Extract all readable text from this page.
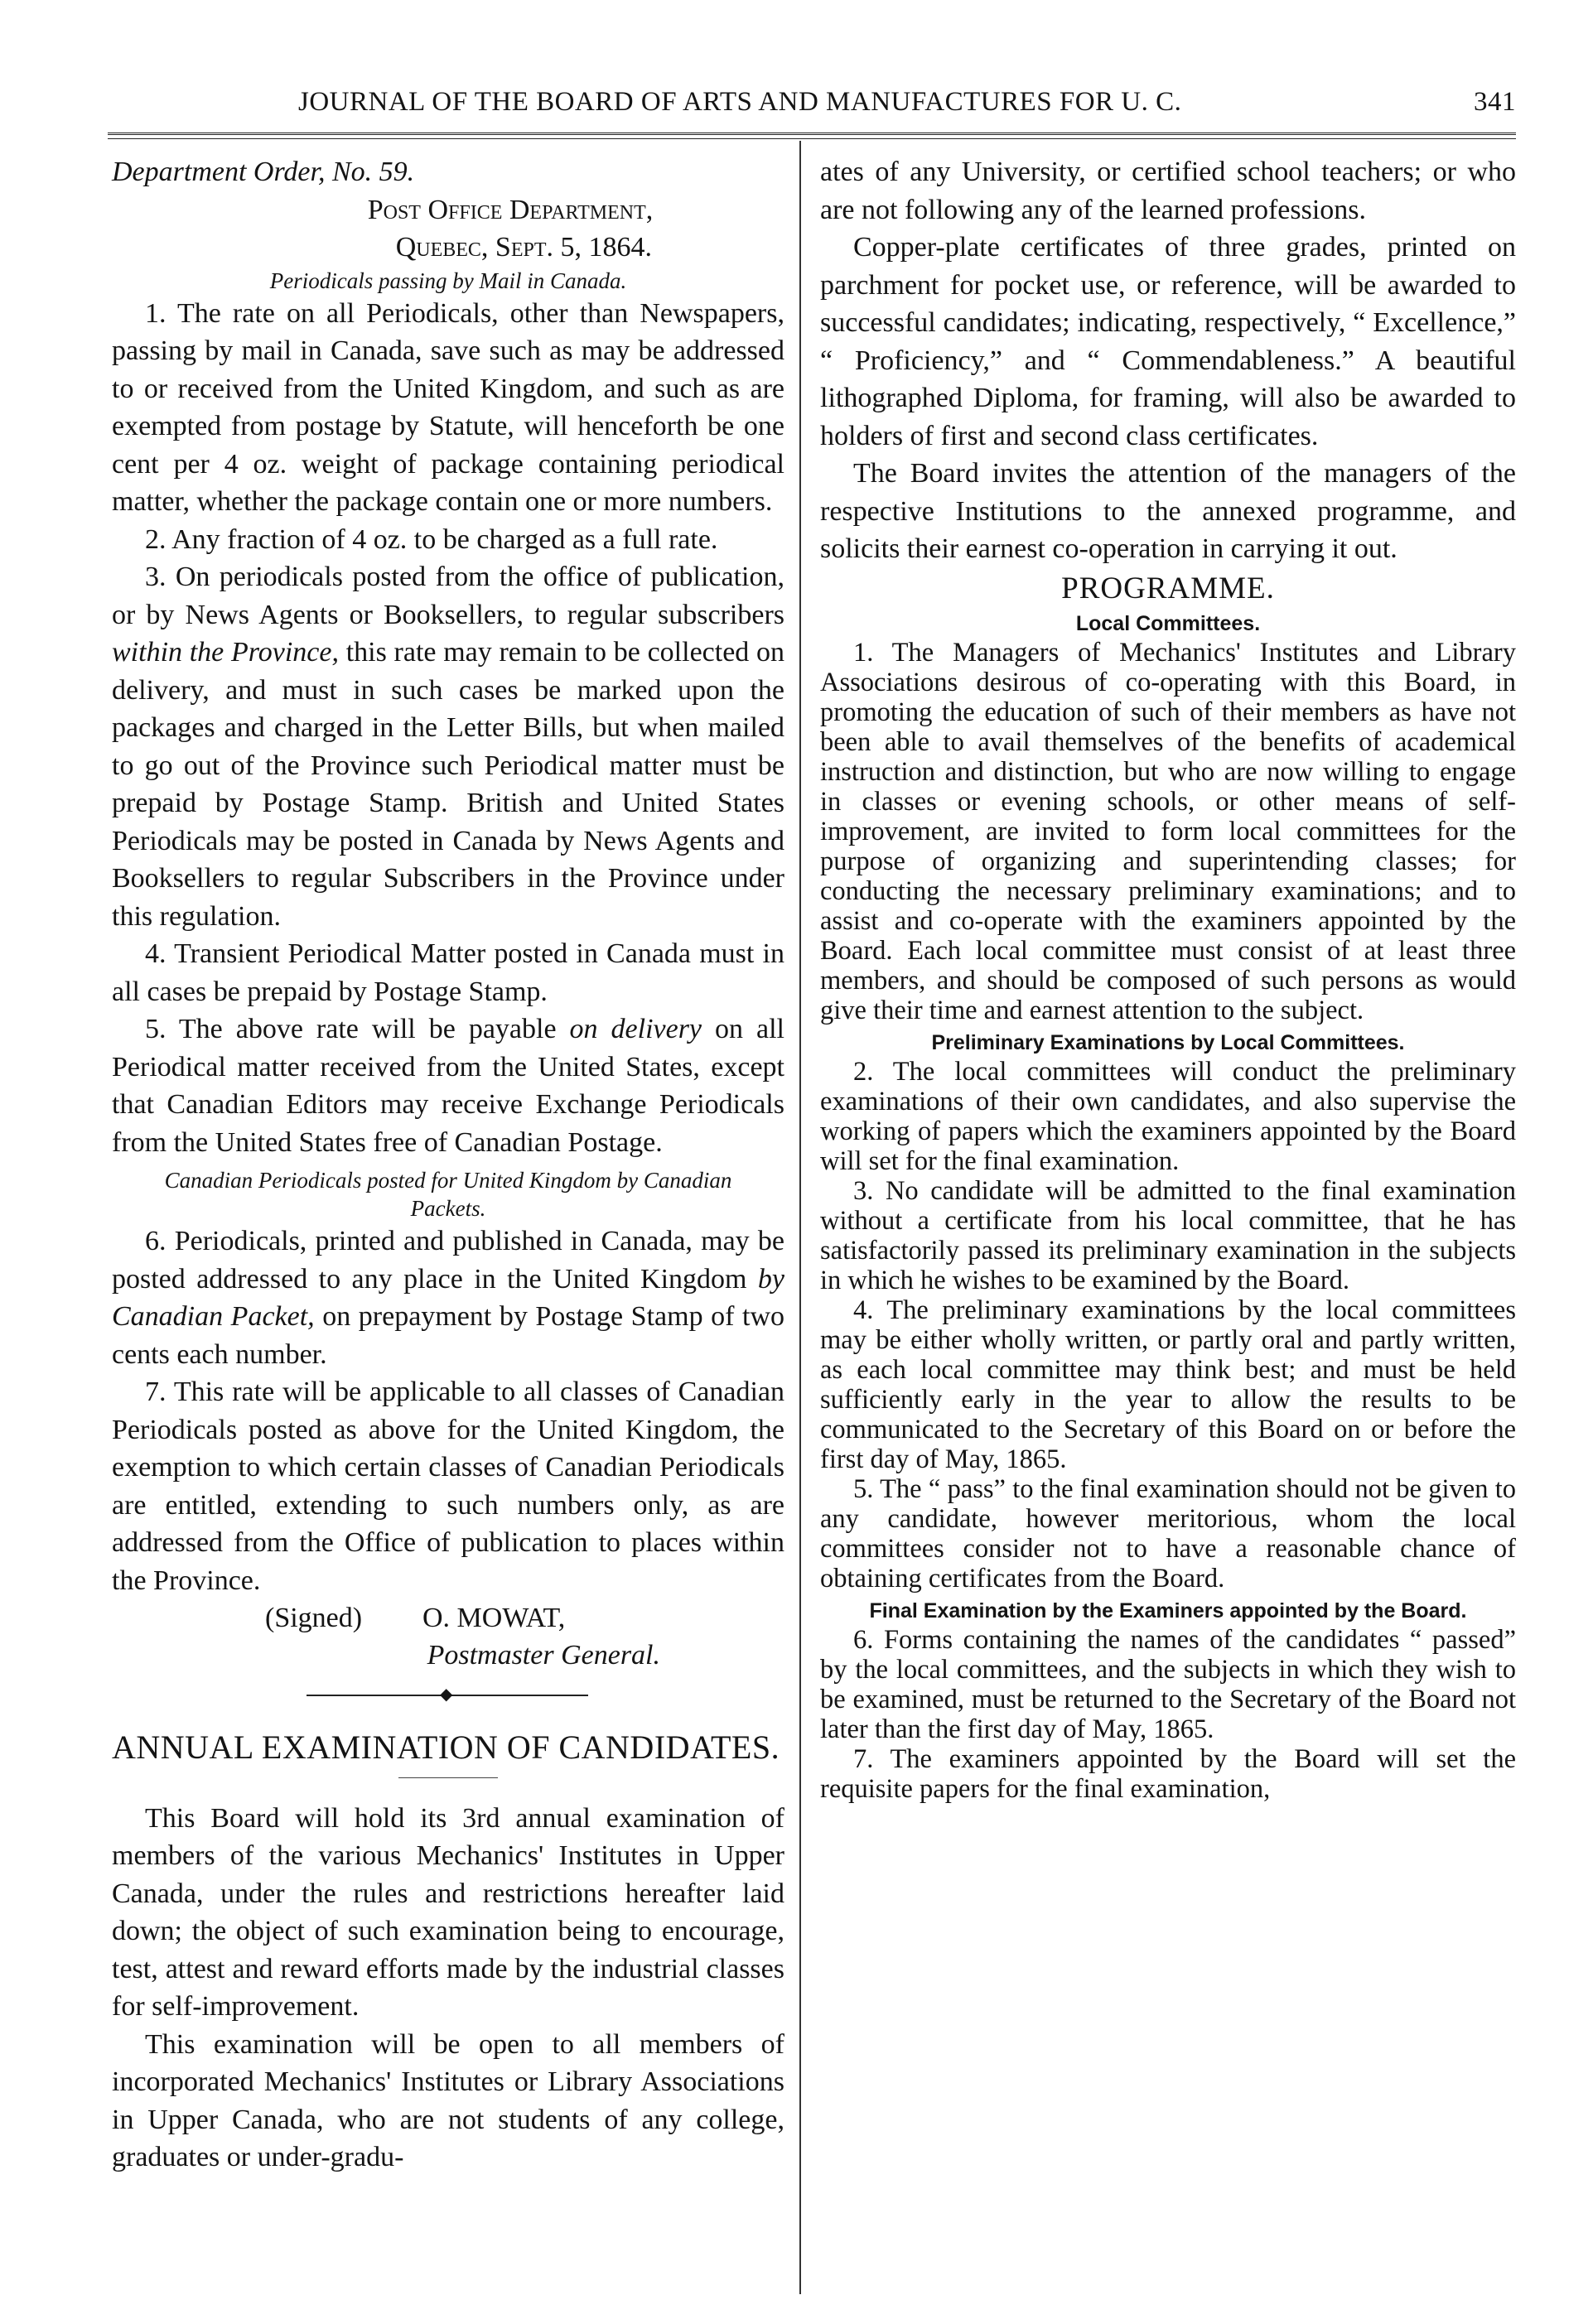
JOURNAL OF THE BOARD OF ARTS AND MANUFACTURES FOR U. C.	341

Department Order, No. 59.

Post Office Department,

Quebec, Sept. 5, 1864.

Periodicals passing by Mail in Canada.

1. The rate on all Periodicals, other than Newspapers, passing by mail in Canada, save such as may be addressed to or received from the United Kingdom, and such as are exempted from postage by Statute, will henceforth be one cent per 4 oz. weight of package containing periodical matter, whether the package contain one or more numbers.

2. Any fraction of 4 oz. to be charged as a full rate.

3. On periodicals posted from the office of publication, or by News Agents or Booksellers, to regular subscribers within the Province, this rate may remain to be collected on delivery, and must in such cases be marked upon the packages and charged in the Letter Bills, but when mailed to go out of the Province such Periodical matter must be prepaid by Postage Stamp. British and United States Periodicals may be posted in Canada by News Agents and Booksellers to regular Subscribers in the Province under this regulation.

4. Transient Periodical Matter posted in Canada must in all cases be prepaid by Postage Stamp.

5. The above rate will be payable on delivery on all Periodical matter received from the United States, except that Canadian Editors may receive Exchange Periodicals from the United States free of Canadian Postage.

Canadian Periodicals posted for United Kingdom by Canadian Packets.

6. Periodicals, printed and published in Canada, may be posted addressed to any place in the United Kingdom by Canadian Packet, on prepayment by Postage Stamp of two cents each number.

7. This rate will be applicable to all classes of Canadian Periodicals posted as above for the United Kingdom, the exemption to which certain classes of Canadian Periodicals are entitled, extending to such numbers only, as are addressed from the Office of publication to places within the Province.

(Signed) O. MOWAT,

Postmaster General.

◆

ANNUAL EXAMINATION OF CANDIDATES.

This Board will hold its 3rd annual examination of members of the various Mechanics' Institutes in Upper Canada, under the rules and restrictions hereafter laid down; the object of such examination being to encourage, test, attest and reward efforts made by the industrial classes for self-improvement.

This examination will be open to all members of incorporated Mechanics' Institutes or Library Associations in Upper Canada, who are not students of any college, graduates or under-gradu-

ates of any University, or certified school teachers; or who are not following any of the learned professions.

Copper-plate certificates of three grades, printed on parchment for pocket use, or reference, will be awarded to successful candidates; indicating, respectively, “ Excellence,” “ Proficiency,” and “ Commendableness.” A beautiful lithographed Diploma, for framing, will also be awarded to holders of first and second class certificates.

The Board invites the attention of the managers of the respective Institutions to the annexed programme, and solicits their earnest co-operation in carrying it out.

PROGRAMME.

Local Committees.

1. The Managers of Mechanics' Institutes and Library Associations desirous of co-operating with this Board, in promoting the education of such of their members as have not been able to avail themselves of the benefits of academical instruction and distinction, but who are now willing to engage in classes or evening schools, or other means of self-improvement, are invited to form local committees for the purpose of organizing and superintending classes; for conducting the necessary preliminary examinations; and to assist and co-operate with the examiners appointed by the Board. Each local committee must consist of at least three members, and should be composed of such persons as would give their time and earnest attention to the subject.

Preliminary Examinations by Local Committees.

2. The local committees will conduct the preliminary examinations of their own candidates, and also supervise the working of papers which the examiners appointed by the Board will set for the final examination.

3. No candidate will be admitted to the final examination without a certificate from his local committee, that he has satisfactorily passed its preliminary examination in the subjects in which he wishes to be examined by the Board.

4. The preliminary examinations by the local committees may be either wholly written, or partly oral and partly written, as each local committee may think best; and must be held sufficiently early in the year to allow the results to be communicated to the Secretary of this Board on or before the first day of May, 1865.

5. The “ pass” to the final examination should not be given to any candidate, however meritorious, whom the local committees consider not to have a reasonable chance of obtaining certificates from the Board.

Final Examination by the Examiners appointed by the Board.

6. Forms containing the names of the candidates “ passed” by the local committees, and the subjects in which they wish to be examined, must be returned to the Secretary of the Board not later than the first day of May, 1865.

7. The examiners appointed by the Board will set the requisite papers for the final examination,
